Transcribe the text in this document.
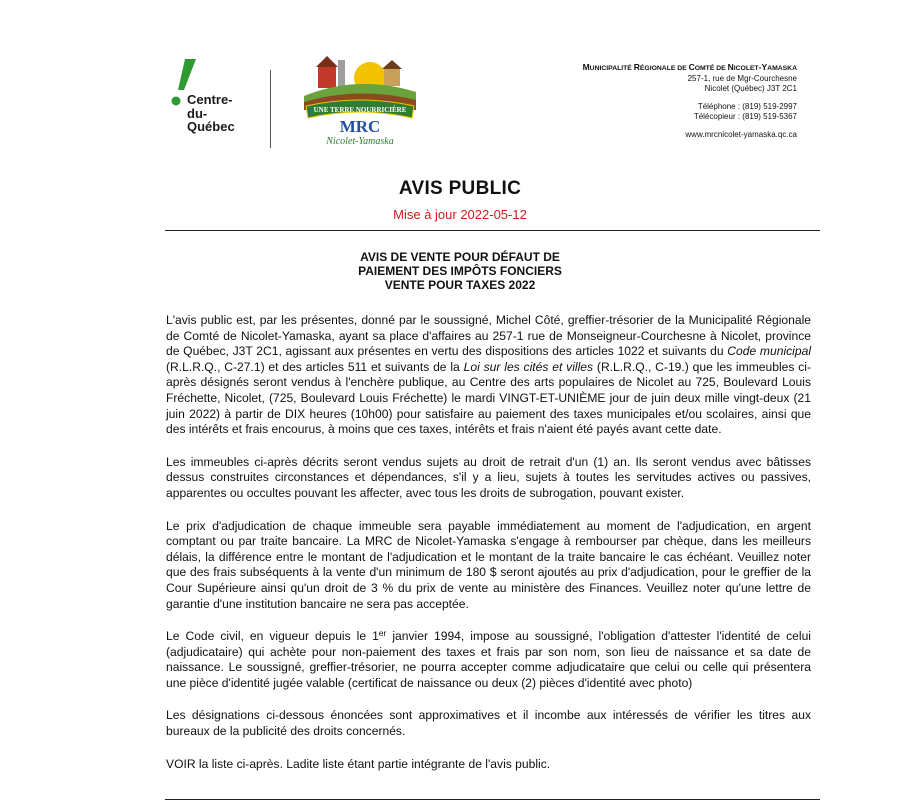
Centre-
du-
Québec
UNE TERRE NOURRICIÈRE
MRC
Nicolet-Yamaska
MUNICIPALITÉ RÉGIONALE DE COMTÉ DE NICOLET-YAMASKA
257-1, rue de Mgr-Courchesne
Nicolet (Québec) J3T 2C1
Téléphone : (819) 519-2997
Télécopieur : (819) 519-5367
www.mrcnicolet-yamaska.qc.ca
AVIS PUBLIC
Mise à jour 2022-05-12
AVIS DE VENTE POUR DÉFAUT DE
PAIEMENT DES IMPÔTS FONCIERS
VENTE POUR TAXES 2022

L'avis public est, par les présentes, donné par le soussigné, Michel Côté, greffier-trésorier de la Municipalité Régionale de Comté de Nicolet-Yamaska, ayant sa place d'affaires au 257-1 rue de Monseigneur-Courchesne à Nicolet, province de Québec, J3T 2C1, agissant aux présentes en vertu des dispositions des articles 1022 et suivants du Code municipal (R.L.R.Q., C-27.1) et des articles 511 et suivants de la Loi sur les cités et villes (R.L.R.Q., C-19.) que les immeubles ci-après désignés seront vendus à l'enchère publique, au Centre des arts populaires de Nicolet au 725, Boulevard Louis Fréchette, Nicolet, (725, Boulevard Louis Fréchette) le mardi VINGT-ET-UNIÈME jour de juin deux mille vingt-deux (21 juin 2022) à partir de DIX heures (10h00) pour satisfaire au paiement des taxes municipales et/ou scolaires, ainsi que des intérêts et frais encourus, à moins que ces taxes, intérêts et frais n'aient été payés avant cette date.

Les immeubles ci-après décrits seront vendus sujets au droit de retrait d'un (1) an. Ils seront vendus avec bâtisses dessus construites circonstances et dépendances, s'il y a lieu, sujets à toutes les servitudes actives ou passives, apparentes ou occultes pouvant les affecter, avec tous les droits de subrogation, pouvant exister.

Le prix d'adjudication de chaque immeuble sera payable immédiatement au moment de l'adjudication, en argent comptant ou par traite bancaire. La MRC de Nicolet-Yamaska s'engage à rembourser par chèque, dans les meilleurs délais, la différence entre le montant de l'adjudication et le montant de la traite bancaire le cas échéant. Veuillez noter que des frais subséquents à la vente d'un minimum de 180 $ seront ajoutés au prix d'adjudication, pour le greffier de la Cour Supérieure ainsi qu'un droit de 3 % du prix de vente au ministère des Finances. Veuillez noter qu'une lettre de garantie d'une institution bancaire ne sera pas acceptée.

Le Code civil, en vigueur depuis le 1er janvier 1994, impose au soussigné, l'obligation d'attester l'identité de celui (adjudicataire) qui achète pour non-paiement des taxes et frais par son nom, son lieu de naissance et sa date de naissance. Le soussigné, greffier-trésorier, ne pourra accepter comme adjudicataire que celui ou celle qui présentera une pièce d'identité jugée valable (certificat de naissance ou deux (2) pièces d'identité avec photo)

Les désignations ci-dessous énoncées sont approximatives et il incombe aux intéressés de vérifier les titres aux bureaux de la publicité des droits concernés.

VOIR la liste ci-après. Ladite liste étant partie intégrante de l'avis public.
